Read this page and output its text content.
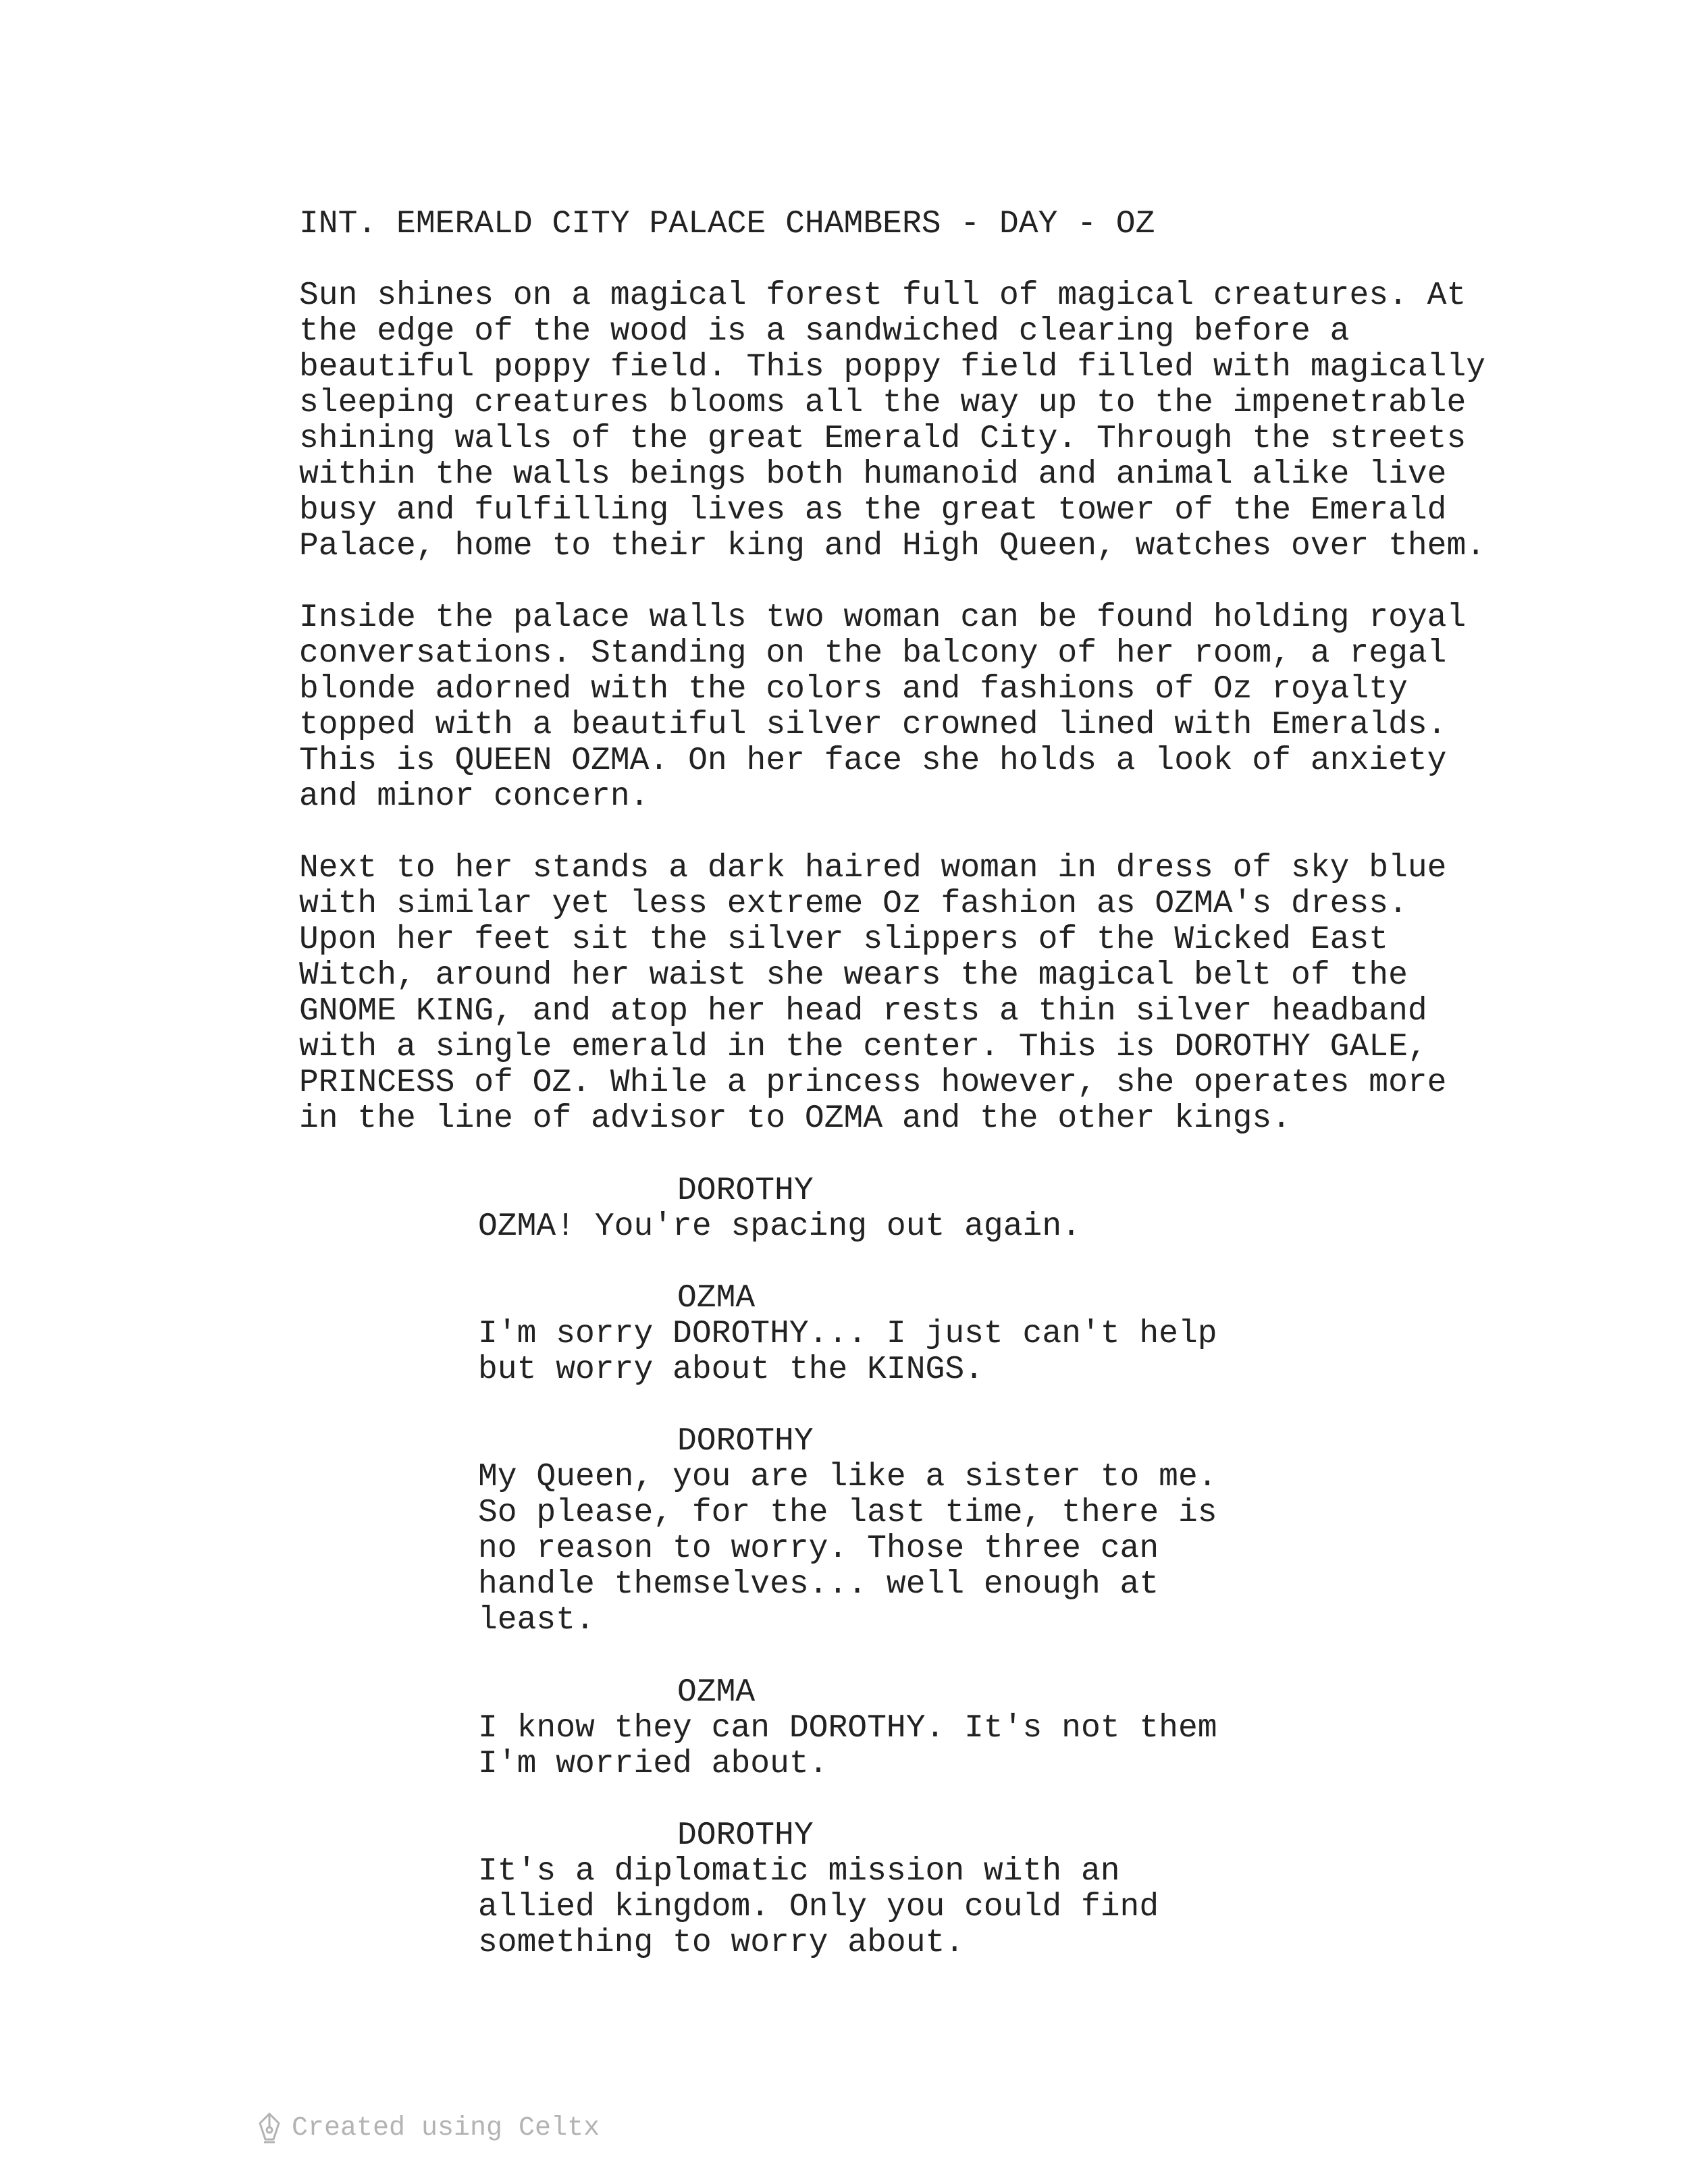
INT. EMERALD CITY PALACE CHAMBERS - DAY - OZ

Sun shines on a magical forest full of magical creatures. At
the edge of the wood is a sandwiched clearing before a
beautiful poppy field. This poppy field filled with magically
sleeping creatures blooms all the way up to the impenetrable
shining walls of the great Emerald City. Through the streets
within the walls beings both humanoid and animal alike live
busy and fulfilling lives as the great tower of the Emerald
Palace, home to their king and High Queen, watches over them.

Inside the palace walls two woman can be found holding royal
conversations. Standing on the balcony of her room, a regal
blonde adorned with the colors and fashions of Oz royalty
topped with a beautiful silver crowned lined with Emeralds.
This is QUEEN OZMA. On her face she holds a look of anxiety
and minor concern.

Next to her stands a dark haired woman in dress of sky blue
with similar yet less extreme Oz fashion as OZMA's dress.
Upon her feet sit the silver slippers of the Wicked East
Witch, around her waist she wears the magical belt of the
GNOME KING, and atop her head rests a thin silver headband
with a single emerald in the center. This is DOROTHY GALE,
PRINCESS of OZ. While a princess however, she operates more
in the line of advisor to OZMA and the other kings.

DOROTHY

OZMA! You're spacing out again.

OZMA

I'm sorry DOROTHY... I just can't help
but worry about the KINGS.

DOROTHY

My Queen, you are like a sister to me.
So please, for the last time, there is
no reason to worry. Those three can
handle themselves... well enough at
least.

OZMA

I know they can DOROTHY. It's not them
I'm worried about.

DOROTHY

It's a diplomatic mission with an
allied kingdom. Only you could find
something to worry about.

Created using Celtx
